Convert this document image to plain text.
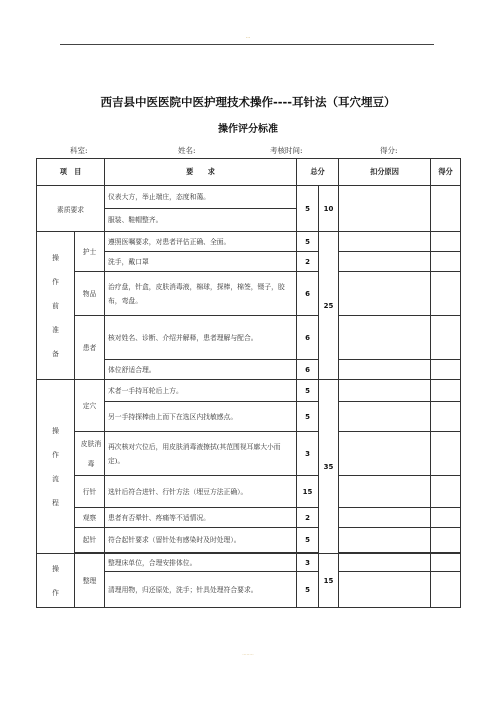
...
西吉县中医医院中医护理技术操作----耳针法（耳穴埋豆）
操作评分标准
科室:	姓名:	考核时间:	得分:
项　目		要　　求	总分		扣分原因	得分
素质要求		仪表大方，举止端庄，态度和蔼。	5	10		
		服装、鞋帽整齐。				

操作前准备	护士	遵照医嘱要求，对患者评估正确、全面。	5	25		
		洗手，戴口罩	2			
	物品	治疗盘，针盒，皮肤消毒液，棉球，探棒，棉签，镊子，胶布，弯盘。	6			
	患者	核对姓名、诊断、介绍并解释，患者理解与配合。	6			
		体位舒适合理。	6			

操作流程	定穴	术者一手持耳轮后上方。	5	35		
		另一手持探棒由上而下在选区内找敏感点。	5			

	皮肤消毒	再次核对穴位后，用皮肤消毒液擦拭(其范围视耳廓大小而定)。	3			
	行针	选针后符合进针、行针方法（埋豆方法正确）。	15			
	观察	患者有否晕针、疼痛等不适情况。	2			
	起针	符合起针要求（留针处有感染时及时处理）。	5			

操作	整理	整理床单位，合理安排体位。	3	15		
		清理用物，归还原处，洗手；针具处理符合要求。	5			
........
